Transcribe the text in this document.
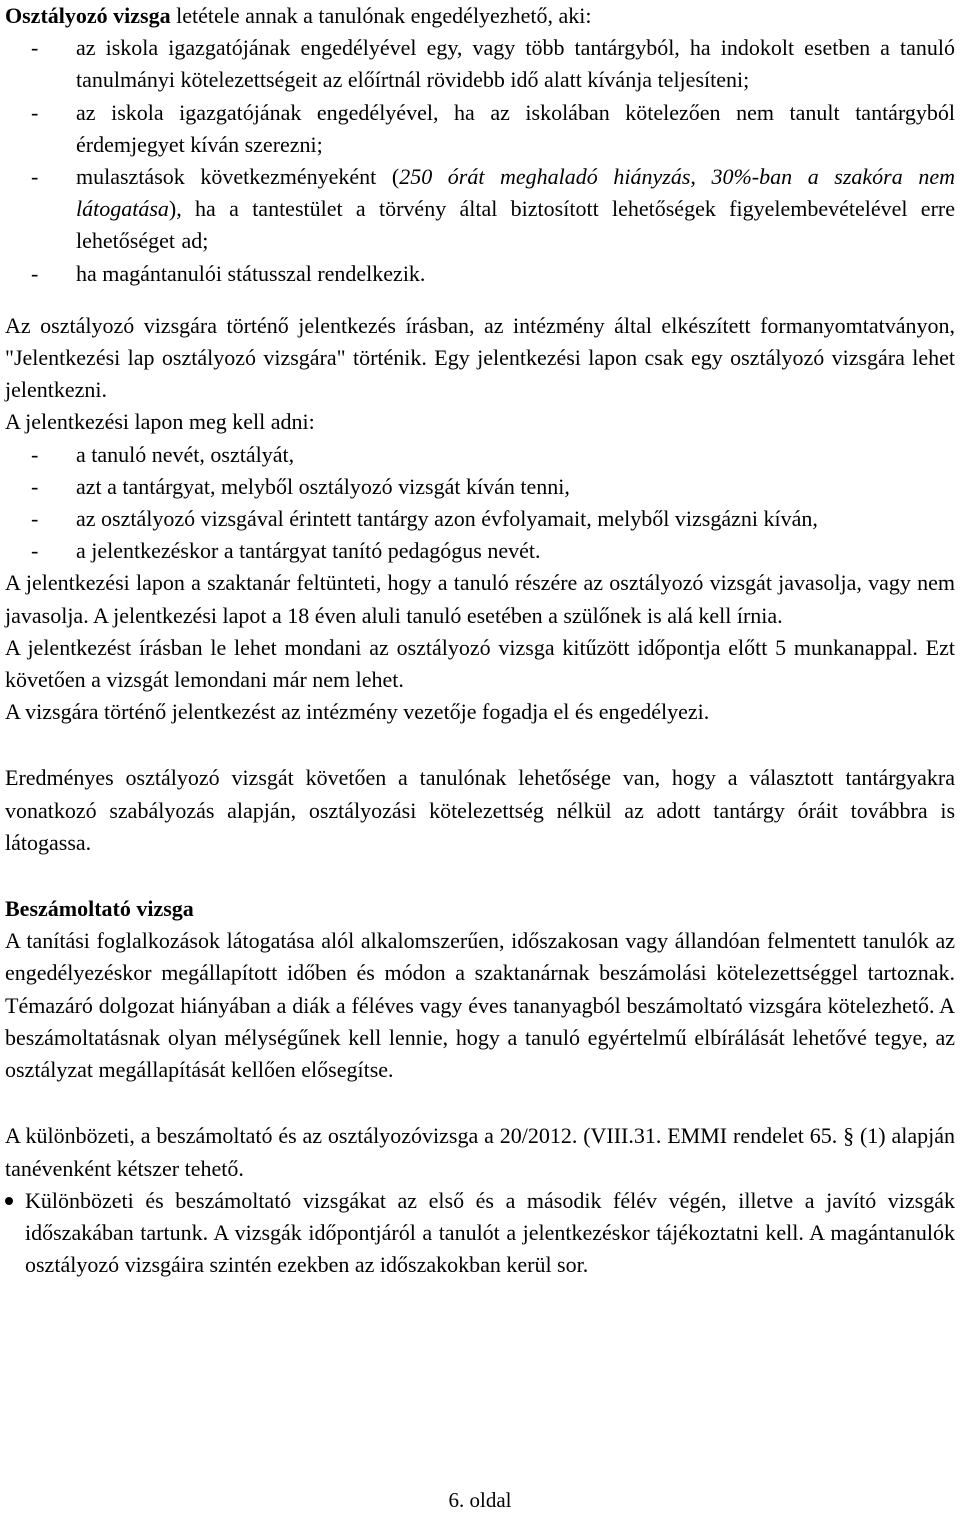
Osztályozó vizsga letétele annak a tanulónak engedélyezhető, aki:

- az iskola igazgatójának engedélyével egy, vagy több tantárgyból, ha indokolt esetben a tanuló tanulmányi kötelezettségeit az előírtnál rövidebb idő alatt kívánja teljesíteni;
- az iskola igazgatójának engedélyével, ha az iskolában kötelezően nem tanult tantárgyból érdemjegyet kíván szerezni;
- mulasztások következményeként (250 órát meghaladó hiányzás, 30%-ban a szakóra nem látogatása), ha a tantestület a törvény által biztosított lehetőségek figyelembevételével erre lehetőséget ad;
- ha magántanulói státusszal rendelkezik.

Az osztályozó vizsgára történő jelentkezés írásban, az intézmény által elkészített formanyomtatványon, "Jelentkezési lap osztályozó vizsgára" történik. Egy jelentkezési lapon csak egy osztályozó vizsgára lehet jelentkezni.

A jelentkezési lapon meg kell adni:

- a tanuló nevét, osztályát,
- azt a tantárgyat, melyből osztályozó vizsgát kíván tenni,
- az osztályozó vizsgával érintett tantárgy azon évfolyamait, melyből vizsgázni kíván,
- a jelentkezéskor a tantárgyat tanító pedagógus nevét.

A jelentkezési lapon a szaktanár feltünteti, hogy a tanuló részére az osztályozó vizsgát javasolja, vagy nem javasolja. A jelentkezési lapot a 18 éven aluli tanuló esetében a szülőnek is alá kell írnia.

A jelentkezést írásban le lehet mondani az osztályozó vizsga kitűzött időpontja előtt 5 munkanappal. Ezt követően a vizsgát lemondani már nem lehet.

A vizsgára történő jelentkezést az intézmény vezetője fogadja el és engedélyezi.

Eredményes osztályozó vizsgát követően a tanulónak lehetősége van, hogy a választott tantárgyakra vonatkozó szabályozás alapján, osztályozási kötelezettség nélkül az adott tantárgy óráit továbbra is látogassa.

Beszámoltató vizsga

A tanítási foglalkozások látogatása alól alkalomszerűen, időszakosan vagy állandóan felmentett tanulók az engedélyezéskor megállapított időben és módon a szaktanárnak beszámolási kötelezettséggel tartoznak. Témazáró dolgozat hiányában a diák a féléves vagy éves tananyagból beszámoltató vizsgára kötelezhető. A beszámoltatásnak olyan mélységűnek kell lennie, hogy a tanuló egyértelmű elbírálását lehetővé tegye, az osztályzat megállapítását kellően elősegítse.

A különbözeti, a beszámoltató és az osztályozóvizsga a 20/2012. (VIII.31. EMMI rendelet 65. § (1) alapján tanévenként kétszer tehető.

Különbözeti és beszámoltató vizsgákat az első és a második félév végén, illetve a javító vizsgák időszakában tartunk. A vizsgák időpontjáról a tanulót a jelentkezéskor tájékoztatni kell. A magántanulók osztályozó vizsgáira szintén ezekben az időszakokban kerül sor.
6. oldal
